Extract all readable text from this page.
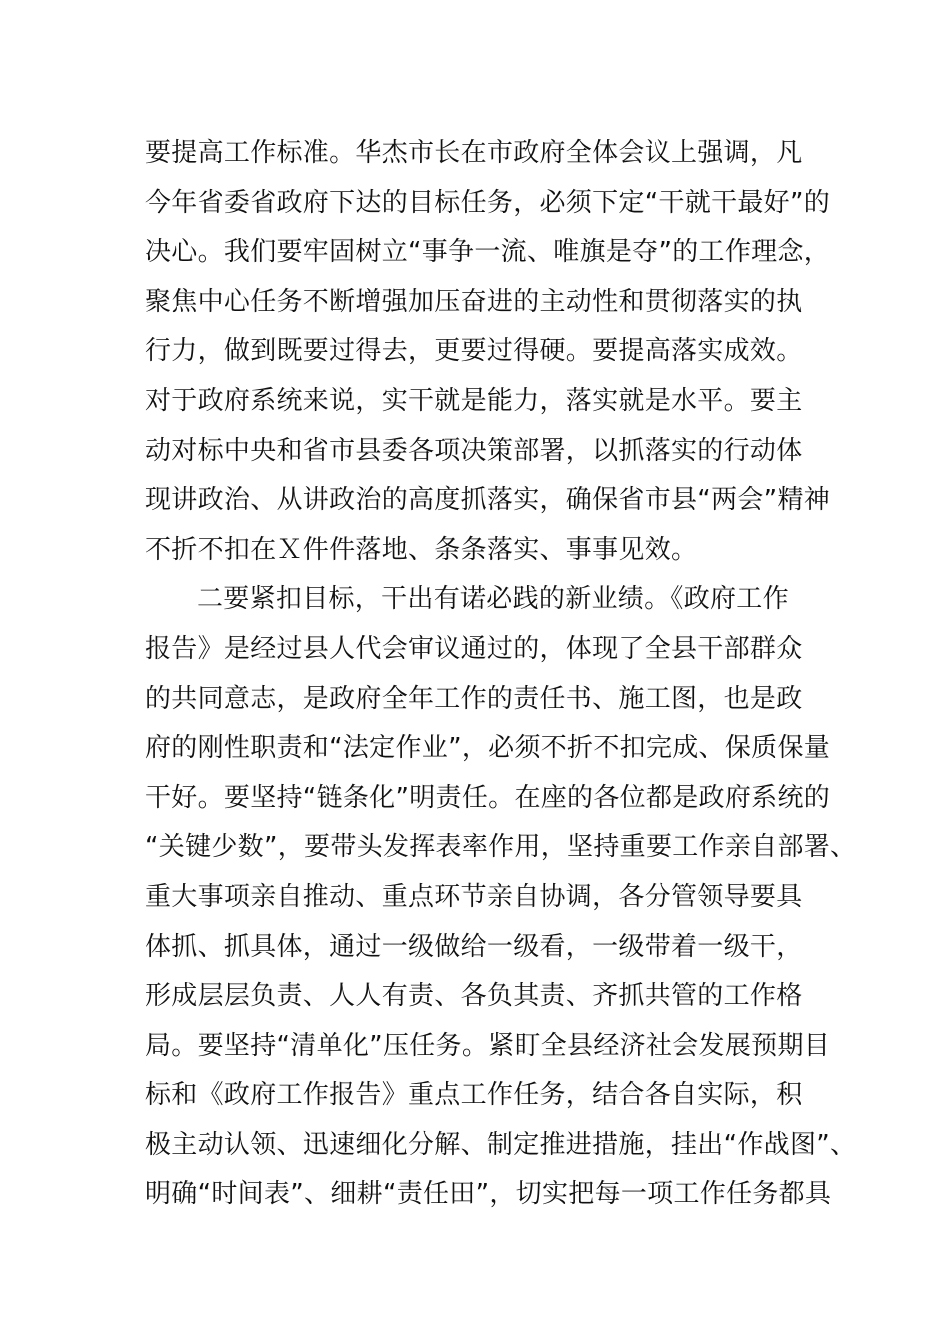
要提高工作标准。华杰市长在市政府全体会议上强调，凡
今年省委省政府下达的目标任务，必须下定“干就干最好”的
决心。我们要牢固树立“事争一流、唯旗是夺”的工作理念，
聚焦中心任务不断增强加压奋进的主动性和贯彻落实的执
行力，做到既要过得去，更要过得硬。要提高落实成效。
对于政府系统来说，实干就是能力，落实就是水平。要主
动对标中央和省市县委各项决策部署，以抓落实的行动体
现讲政治、从讲政治的高度抓落实，确保省市县“两会”精神
不折不扣在Ｘ件件落地、条条落实、事事见效。
二要紧扣目标，干出有诺必践的新业绩。《政府工作
报告》是经过县人代会审议通过的，体现了全县干部群众
的共同意志，是政府全年工作的责任书、施工图，也是政
府的刚性职责和“法定作业”，必须不折不扣完成、保质保量
干好。要坚持“链条化”明责任。在座的各位都是政府系统的
“关键少数”，要带头发挥表率作用，坚持重要工作亲自部署、
重大事项亲自推动、重点环节亲自协调，各分管领导要具
体抓、抓具体，通过一级做给一级看，一级带着一级干，
形成层层负责、人人有责、各负其责、齐抓共管的工作格
局。要坚持“清单化”压任务。紧盯全县经济社会发展预期目
标和《政府工作报告》重点工作任务，结合各自实际，积
极主动认领、迅速细化分解、制定推进措施，挂出“作战图”、
明确“时间表”、细耕“责任田”，切实把每一项工作任务都具
